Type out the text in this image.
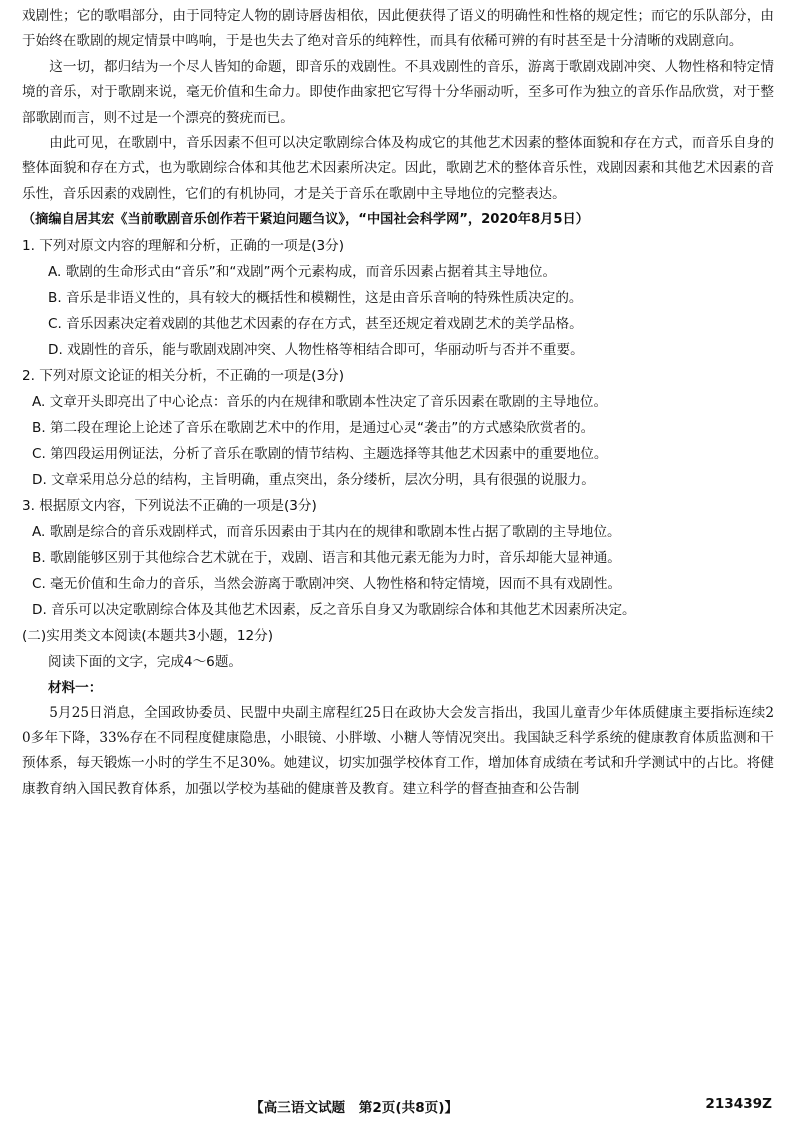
戏剧性；它的歌唱部分，由于同特定人物的剧诗唇齿相依，因此便获得了语义的明确性和性格的规定性；而它的乐队部分，由于始终在歌剧的规定情景中鸣响，于是也失去了绝对音乐的纯粹性，而具有依稀可辨的有时甚至是十分清晰的戏剧意向。

这一切，都归结为一个尽人皆知的命题，即音乐的戏剧性。不具戏剧性的音乐，游离于歌剧戏剧冲突、人物性格和特定情境的音乐，对于歌剧来说，毫无价值和生命力。即使作曲家把它写得十分华丽动听，至多可作为独立的音乐作品欣赏，对于整部歌剧而言，则不过是一个漂亮的赘疣而已。

由此可见，在歌剧中，音乐因素不但可以决定歌剧综合体及构成它的其他艺术因素的整体面貌和存在方式，而音乐自身的整体面貌和存在方式，也为歌剧综合体和其他艺术因素所决定。因此，歌剧艺术的整体音乐性，戏剧因素和其他艺术因素的音乐性，音乐因素的戏剧性，它们的有机协同，才是关于音乐在歌剧中主导地位的完整表达。

（摘编自居其宏《当前歌剧音乐创作若干紧迫问题刍议》，“中国社会科学网”，2020年8月5日）

1. 下列对原文内容的理解和分析，正确的一项是(3分)

A. 歌剧的生命形式由“音乐”和“戏剧”两个元素构成，而音乐因素占据着其主导地位。

B. 音乐是非语义性的，具有较大的概括性和模糊性，这是由音乐音响的特殊性质决定的。

C. 音乐因素决定着戏剧的其他艺术因素的存在方式，甚至还规定着戏剧艺术的美学品格。

D. 戏剧性的音乐，能与歌剧戏剧冲突、人物性格等相结合即可，华丽动听与否并不重要。

2. 下列对原文论证的相关分析，不正确的一项是(3分)

A. 文章开头即亮出了中心论点：音乐的内在规律和歌剧本性决定了音乐因素在歌剧的主导地位。

B. 第二段在理论上论述了音乐在歌剧艺术中的作用，是通过心灵“袭击”的方式感染欣赏者的。

C. 第四段运用例证法，分析了音乐在歌剧的情节结构、主题选择等其他艺术因素中的重要地位。

D. 文章采用总分总的结构，主旨明确，重点突出，条分缕析，层次分明，具有很强的说服力。

3. 根据原文内容，下列说法不正确的一项是(3分)

A. 歌剧是综合的音乐戏剧样式，而音乐因素由于其内在的规律和歌剧本性占据了歌剧的主导地位。

B. 歌剧能够区别于其他综合艺术就在于，戏剧、语言和其他元素无能为力时，音乐却能大显神通。

C. 毫无价值和生命力的音乐，当然会游离于歌剧冲突、人物性格和特定情境，因而不具有戏剧性。

D. 音乐可以决定歌剧综合体及其他艺术因素，反之音乐自身又为歌剧综合体和其他艺术因素所决定。

(二)实用类文本阅读(本题共3小题，12分)

阅读下面的文字，完成4～6题。

材料一：

5月25日消息，全国政协委员、民盟中央副主席程红25日在政协大会发言指出，我国儿童青少年体质健康主要指标连续20多年下降，33%存在不同程度健康隐患，小眼镜、小胖墩、小糖人等情况突出。我国缺乏科学系统的健康教育体质监测和干预体系，每天锻炼一小时的学生不足30%。她建议，切实加强学校体育工作，增加体育成绩在考试和升学测试中的占比。将健康教育纳入国民教育体系，加强以学校为基础的健康普及教育。建立科学的督查抽查和公告制

【高三语文试题　第2页(共8页)】	213439Z
